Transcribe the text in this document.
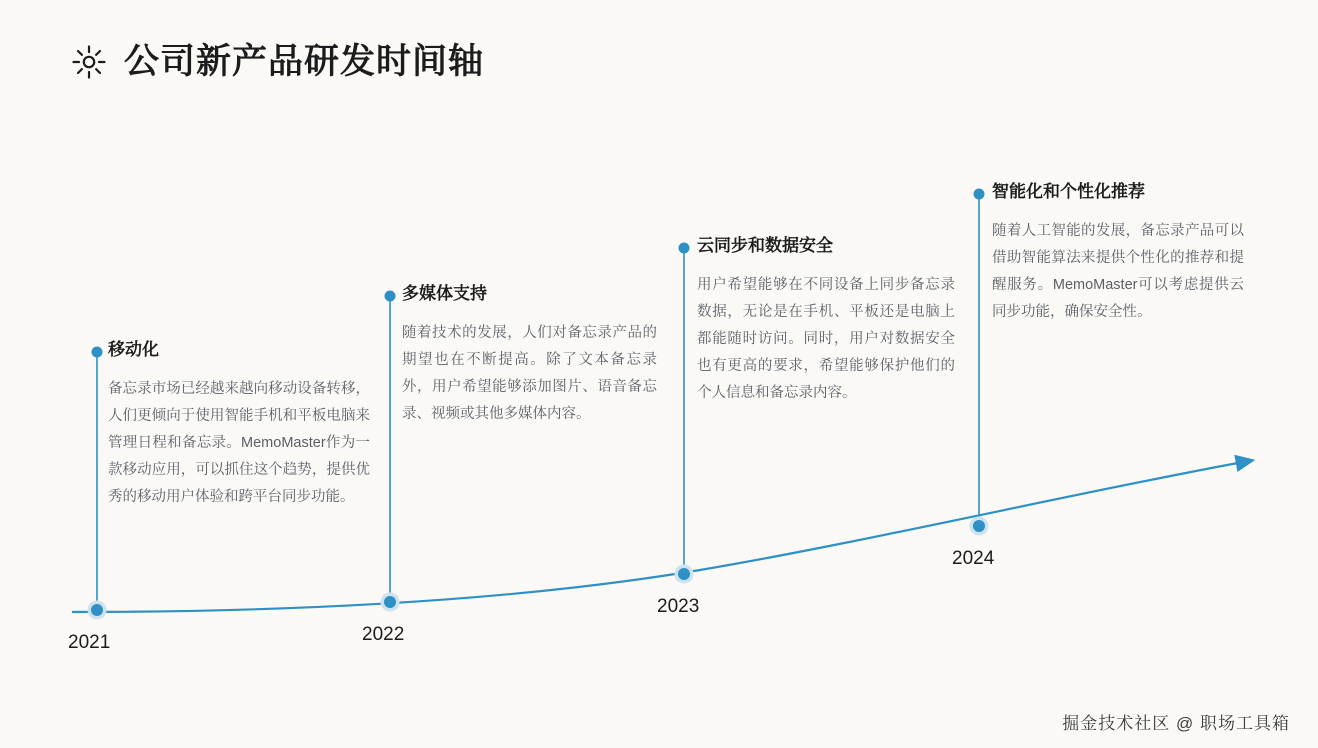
公司新产品研发时间轴
移动化
备忘录市场已经越来越向移动设备转移，人们更倾向于使用智能手机和平板电脑来管理日程和备忘录。MemoMaster作为一款移动应用，可以抓住这个趋势，提供优秀的移动用户体验和跨平台同步功能。
2021
多媒体支持
随着技术的发展，人们对备忘录产品的期望也在不断提高。除了文本备忘录外，用户希望能够添加图片、语音备忘录、视频或其他多媒体内容。
2022
云同步和数据安全
用户希望能够在不同设备上同步备忘录数据，无论是在手机、平板还是电脑上都能随时访问。同时，用户对数据安全也有更高的要求，希望能够保护他们的个人信息和备忘录内容。
2023
智能化和个性化推荐
随着人工智能的发展，备忘录产品可以借助智能算法来提供个性化的推荐和提醒服务。MemoMaster可以考虑提供云同步功能，确保安全性。
2024
掘金技术社区 @ 职场工具箱
